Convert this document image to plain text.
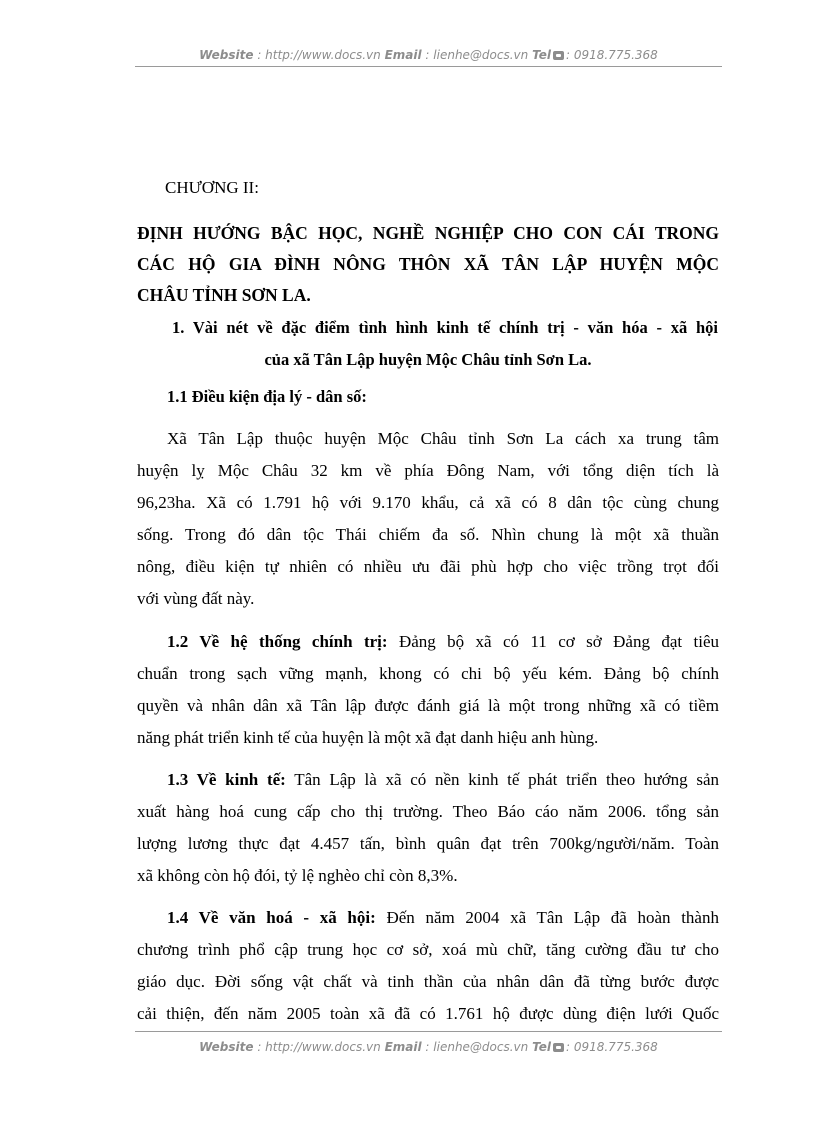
Website : http://www.docs.vn Email : lienhe@docs.vn Tel : 0918.775.368
CHƯƠNG II:
ĐỊNH HƯỚNG BẬC HỌC, NGHỀ NGHIỆP CHO CON CÁI TRONG
CÁC HỘ GIA ĐÌNH NÔNG THÔN XÃ TÂN LẬP HUYỆN MỘC
CHÂU TỈNH SƠN LA.
1. Vài nét về đặc điểm tình hình kinh tế chính trị - văn hóa - xã hội
của xã Tân Lập huyện Mộc Châu tỉnh Sơn La.
1.1 Điều kiện địa lý - dân số:
Xã Tân Lập thuộc huyện Mộc Châu tỉnh Sơn La cách xa trung tâm
huyện lỵ Mộc Châu 32 km về phía Đông Nam, với tổng diện tích là
96,23ha. Xã có 1.791 hộ với 9.170 khẩu, cả xã có 8 dân tộc cùng chung
sống. Trong đó dân tộc Thái chiếm đa số. Nhìn chung là một xã thuần
nông, điều kiện tự nhiên có nhiều ưu đãi phù hợp cho việc trồng trọt đối
với vùng đất này.
1.2 Về hệ thống chính trị: Đảng bộ xã có 11 cơ sở Đảng đạt tiêu
chuẩn trong sạch vững mạnh, khong có chi bộ yếu kém. Đảng bộ chính
quyền và nhân dân xã Tân lập được đánh giá là một trong những xã có tiềm
năng phát triển kinh tế của huyện là một xã đạt danh hiệu anh hùng.
1.3 Về kinh tế: Tân Lập là xã có nền kinh tế phát triển theo hướng sản
xuất hàng hoá cung cấp cho thị trường. Theo Báo cáo năm 2006. tổng sản
lượng lương thực đạt 4.457 tấn, bình quân đạt trên 700kg/người/năm. Toàn
xã không còn hộ đói, tỷ lệ nghèo chỉ còn 8,3%.
1.4 Về văn hoá - xã hội: Đến năm 2004 xã Tân Lập đã hoàn thành
chương trình phổ cập trung học cơ sở, xoá mù chữ, tăng cường đầu tư cho
giáo dục. Đời sống vật chất và tinh thần của nhân dân đã từng bước được
cải thiện, đến năm 2005 toàn xã đã có 1.761 hộ được dùng điện lưới Quốc
Website : http://www.docs.vn Email : lienhe@docs.vn Tel : 0918.775.368
